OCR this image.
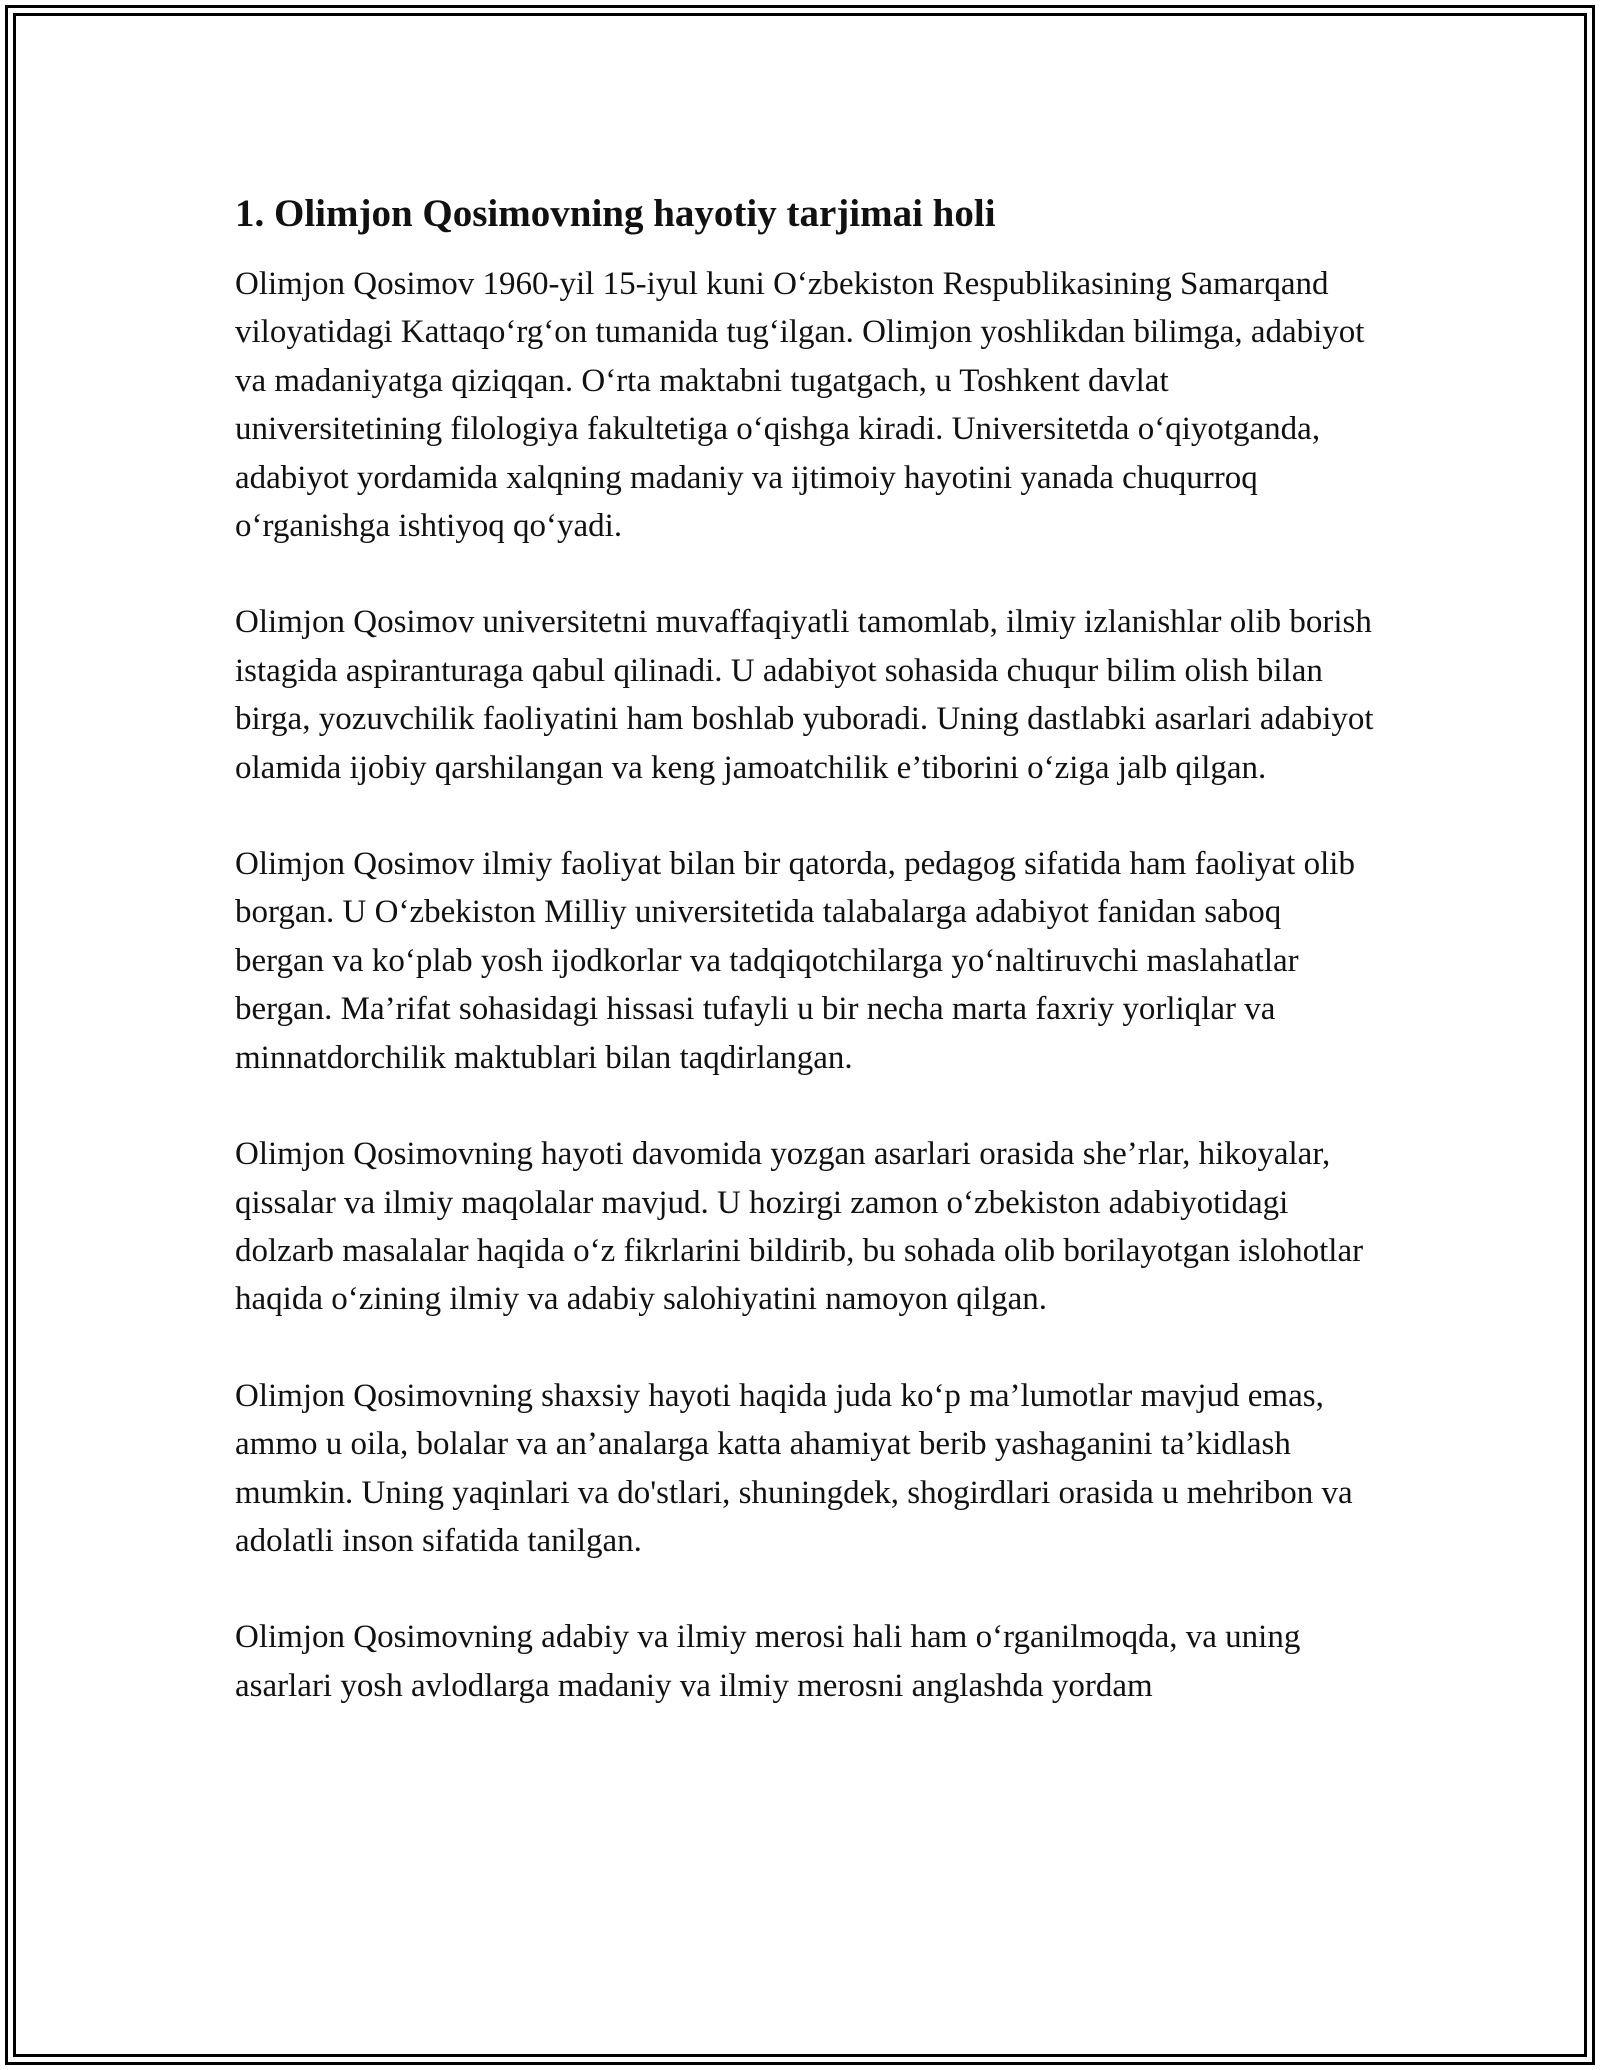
1. Olimjon Qosimovning hayotiy tarjimai holi

Olimjon Qosimov 1960-yil 15-iyul kuni O‘zbekiston Respublikasining Samarqand viloyatidagi Kattaqo‘rg‘on tumanida tug‘ilgan. Olimjon yoshlikdan bilimga, adabiyot va madaniyatga qiziqqan. O‘rta maktabni tugatgach, u Toshkent davlat universitetining filologiya fakultetiga o‘qishga kiradi. Universitetda o‘qiyotganda, adabiyot yordamida xalqning madaniy va ijtimoiy hayotini yanada chuqurroq o‘rganishga ishtiyoq qo‘yadi.

Olimjon Qosimov universitetni muvaffaqiyatli tamomlab, ilmiy izlanishlar olib borish istagida aspiranturaga qabul qilinadi. U adabiyot sohasida chuqur bilim olish bilan birga, yozuvchilik faoliyatini ham boshlab yuboradi. Uning dastlabki asarlari adabiyot olamida ijobiy qarshilangan va keng jamoatchilik e’tiborini o‘ziga jalb qilgan.

Olimjon Qosimov ilmiy faoliyat bilan bir qatorda, pedagog sifatida ham faoliyat olib borgan. U O‘zbekiston Milliy universitetida talabalarga adabiyot fanidan saboq bergan va ko‘plab yosh ijodkorlar va tadqiqotchilarga yo‘naltiruvchi maslahatlar bergan. Ma’rifat sohasidagi hissasi tufayli u bir necha marta faxriy yorliqlar va minnatdorchilik maktublari bilan taqdirlangan.

Olimjon Qosimovning hayoti davomida yozgan asarlari orasida she’rlar, hikoyalar, qissalar va ilmiy maqolalar mavjud. U hozirgi zamon o‘zbekiston adabiyotidagi dolzarb masalalar haqida o‘z fikrlarini bildirib, bu sohada olib borilayotgan islohotlar haqida o‘zining ilmiy va adabiy salohiyatini namoyon qilgan.

Olimjon Qosimovning shaxsiy hayoti haqida juda ko‘p ma’lumotlar mavjud emas, ammo u oila, bolalar va an’analarga katta ahamiyat berib yashaganini ta’kidlash mumkin. Uning yaqinlari va do'stlari, shuningdek, shogirdlari orasida u mehribon va adolatli inson sifatida tanilgan.

Olimjon Qosimovning adabiy va ilmiy merosi hali ham o‘rganilmoqda, va uning asarlari yosh avlodlarga madaniy va ilmiy merosni anglashda yordam
